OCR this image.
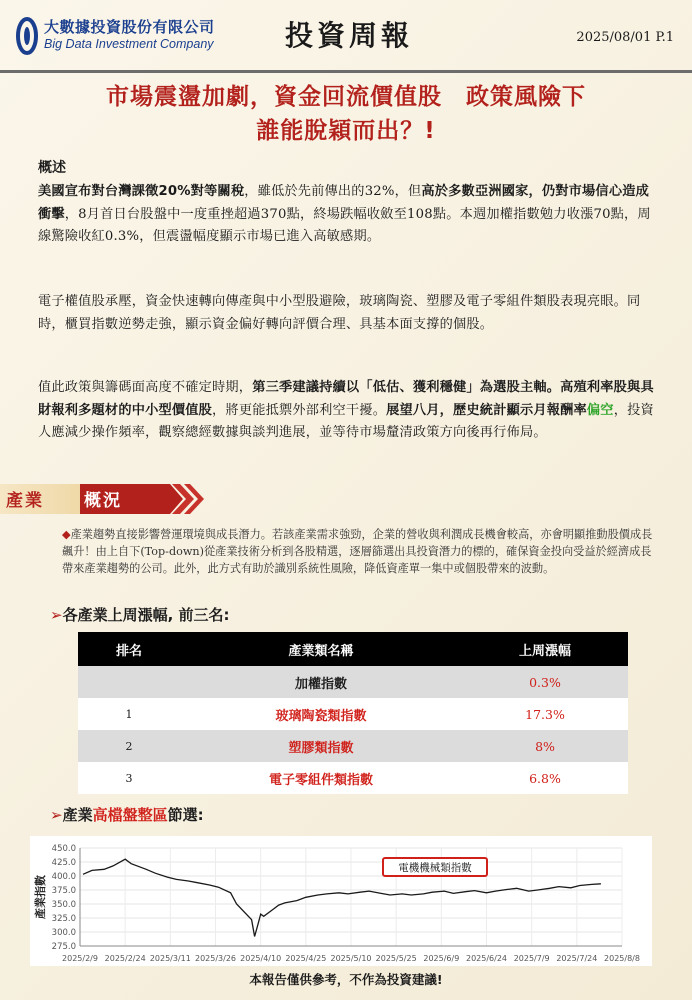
大數據投資股份有限公司
Big Data Investment Company	投資周報	2025/08/01 P.1
市場震盪加劇，資金回流價值股　政策風險下
誰能脫穎而出？!
概述
美國宣布對台灣課徵20%對等關稅，雖低於先前傳出的32%，但高於多數亞洲國家，仍對市場信心造成衝擊，8月首日台股盤中一度重挫超過370點，終場跌幅收斂至108點。本週加權指數勉力收漲70點，周線驚險收紅0.3%，但震盪幅度顯示市場已進入高敏感期。
電子權值股承壓，資金快速轉向傳產與中小型股避險，玻璃陶瓷、塑膠及電子零組件類股表現亮眼。同時，櫃買指數逆勢走強，顯示資金偏好轉向評價合理、具基本面支撐的個股。
值此政策與籌碼面高度不確定時期，第三季建議持續以「低估、獲利穩健」為選股主軸。高殖利率股與具財報利多題材的中小型價值股，將更能抵禦外部利空干擾。展望八月，歷史統計顯示月報酬率偏空，投資人應減少操作頻率，觀察總經數據與談判進展，並等待市場釐清政策方向後再行佈局。
產業 概況
◆產業趨勢直接影響營運環境與成長潛力。若該產業需求強勁，企業的營收與利潤成長機會較高，亦會明顯推動股價成長飆升！由上自下(Top-down)從產業技術分析到各股精選，逐層篩選出具投資潛力的標的，確保資金投向受益於經濟成長帶來產業趨勢的公司。此外，此方式有助於識別系統性風險，降低資產單一集中或個股帶來的波動。
➢各產業上周漲幅, 前三名:
排名	產業類名稱	上周漲幅
	加權指數	0.3%
1	玻璃陶瓷類指數	17.3%
2	塑膠類指數	8%
3	電子零組件類指數	6.8%
➢產業高檔盤整區節選:
450.0
425.0
400.0
375.0
350.0
325.0
300.0
275.0
2025/2/9 2025/2/24 2025/3/11 2025/3/26 2025/4/10 2025/4/25 2025/5/10 2025/5/25 2025/6/9 2025/6/24 2025/7/9 2025/7/24 2025/8/8
產業指數
電機機械類指數
本報告僅供參考，不作為投資建議!
